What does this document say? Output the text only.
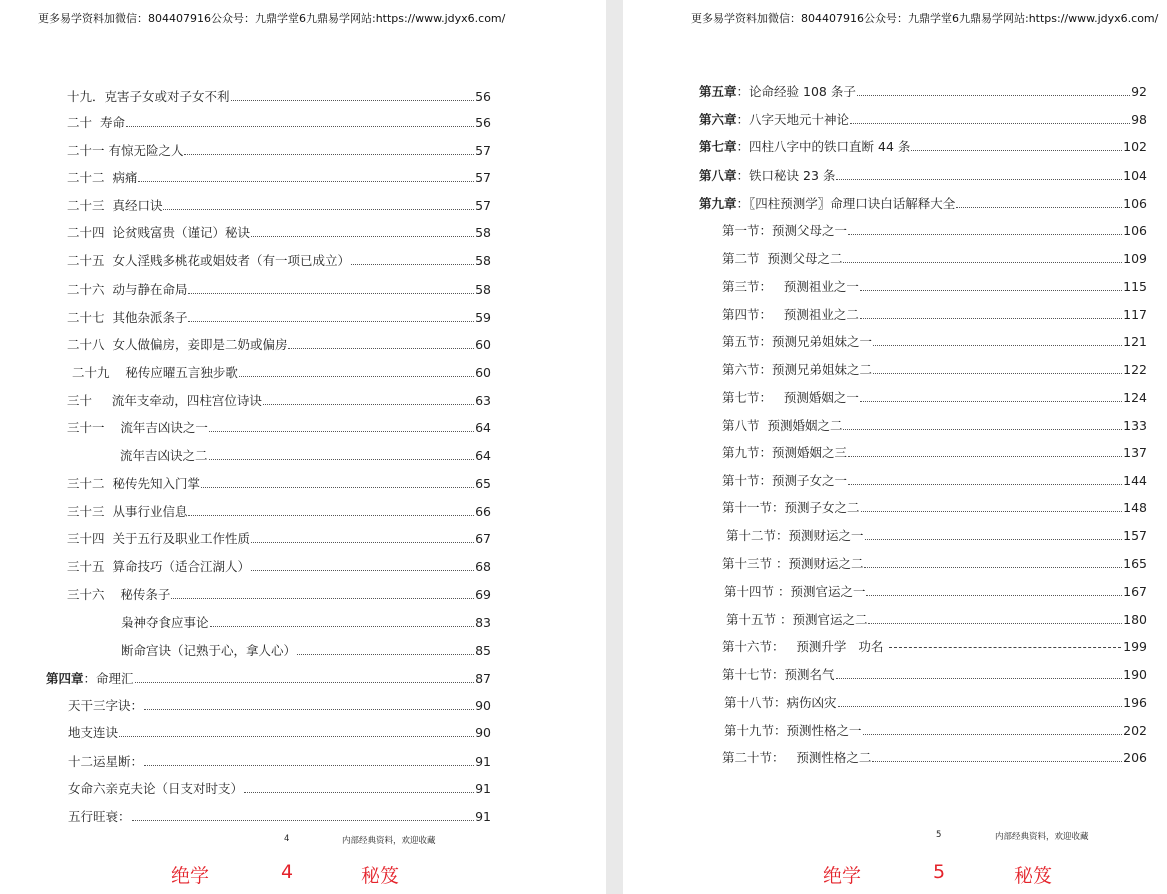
更多易学资料加微信：804407916公众号：九鼎学堂6九鼎易学网站:https://www.jdyx6.com/
十九．克害子女或对子女不利	56
二十  寿命	56
二十一 有惊无险之人	57
二十二  病痛	57
二十三  真经口诀	57
二十四  论贫贱富贵（谨记）秘诀	58
二十五  女人淫贱多桃花或娼妓者（有一项已成立）	58
二十六  动与静在命局	58
二十七  其他杂派条子	59
二十八  女人做偏房，妾即是二奶或偏房	60
二十九    秘传应曜五言独步歌	60
三十     流年支牵动，四柱宫位诗诀	63
三十一    流年吉凶诀之一	64
流年吉凶诀之二	64
三十二  秘传先知入门掌	65
三十三  从事行业信息	66
三十四  关于五行及职业工作性质	67
三十五  算命技巧（适合江湖人）	68
三十六    秘传条子	69
枭神夺食应事论	83
断命宫诀（记熟于心，拿人心）	85
第四章：命理汇	87
天干三字诀：	90
地支连诀	90
十二运星断：	91
女命六亲克夫论（日支对时支）	91
五行旺衰：	91
4	内部经典资料，欢迎收藏
绝学	4	秘笈
更多易学资料加微信：804407916公众号：九鼎学堂6九鼎易学网站:https://www.jdyx6.com/
第五章：论命经验 108 条子	92
第六章：八字天地元十神论	98
第七章：四柱八字中的铁口直断 44 条	102
第八章：铁口秘诀 23 条	104
第九章：〖四柱预测学〗命理口诀白话解释大全	106
第一节：预测父母之一	106
第二节  预测父母之二	109
第三节：   预测祖业之一	115
第四节：   预测祖业之二	117
第五节：预测兄弟姐妹之一	121
第六节：预测兄弟姐妹之二	122
第七节：   预测婚姻之一	124
第八节  预测婚姻之二	133
第九节：预测婚姻之三	137
第十节：预测子女之一	144
第十一节：预测子女之二	148
第十二节：预测财运之一	157
第十三节 ：预测财运之二	165
第十四节 ：预测官运之一	167
第十五节 ：预测官运之二	180
第十六节：   预测升学   功名	199
第十七节：预测名气	190
第十八节：病伤凶灾	196
第十九节：预测性格之一	202
第二十节：   预测性格之二	206
5	内部经典资料，欢迎收藏
绝学	5	秘笈
